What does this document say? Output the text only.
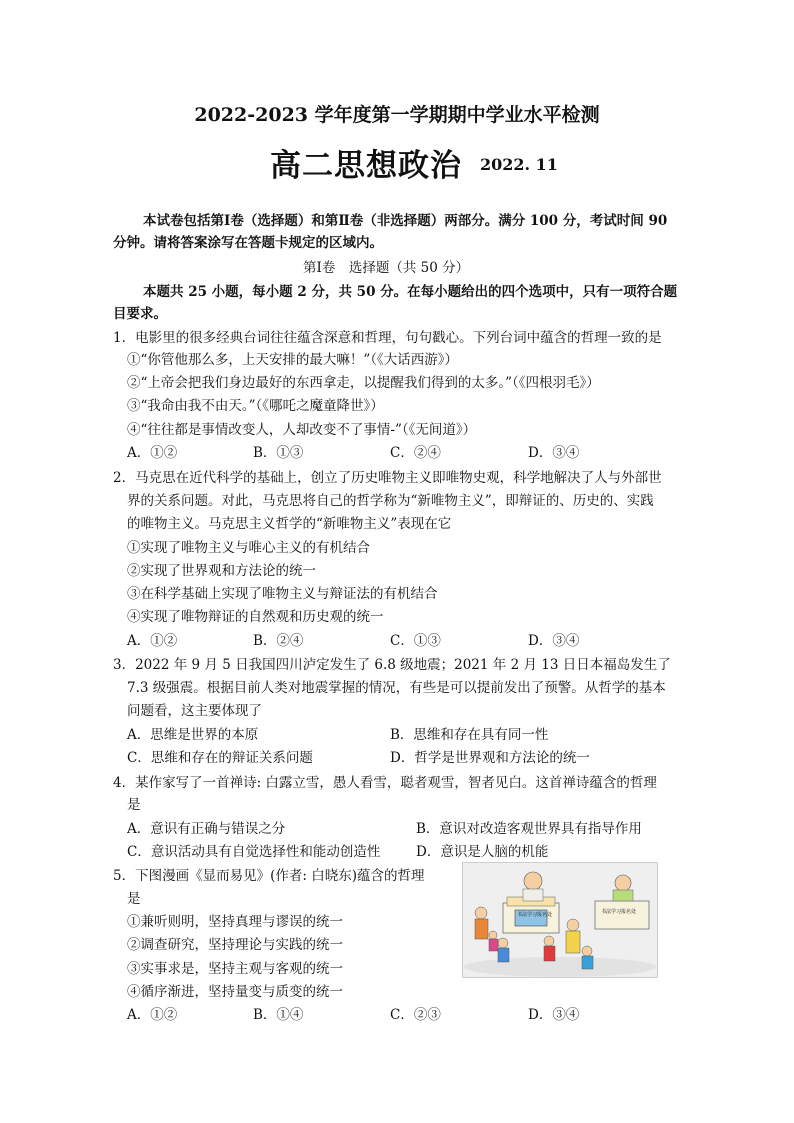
2022-2023 学年度第一学期期中学业水平检测
高二思想政治 2022. 11
本试卷包括第Ⅰ卷（选择题）和第Ⅱ卷（非选择题）两部分。满分 100 分，考试时间 90
分钟。请将答案涂写在答题卡规定的区域内。
第Ⅰ卷　选择题（共 50 分）
本题共 25 小题，每小题 2 分，共 50 分。在每小题给出的四个选项中，只有一项符合题
目要求。
1．电影里的很多经典台词往往蕴含深意和哲理，句句戳心。下列台词中蕴含的哲理一致的是
①“你管他那么多，上天安排的最大嘛！”（《大话西游》）
②“上帝会把我们身边最好的东西拿走，以提醒我们得到的太多。”（《四根羽毛》）
③“我命由我不由天。”（《哪吒之魔童降世》）
④“往往都是事情改变人，人却改变不了事情-”（《无间道》）
A．①②	B．①③	C．②④	D．③④
2．马克思在近代科学的基础上，创立了历史唯物主义即唯物史观，科学地解决了人与外部世
界的关系问题。对此，马克思将自己的哲学称为“新唯物主义”，即辩证的、历史的、实践
的唯物主义。马克思主义哲学的“新唯物主义”表现在它
①实现了唯物主义与唯心主义的有机结合
②实现了世界观和方法论的统一
③在科学基础上实现了唯物主义与辩证法的有机结合
④实现了唯物辩证的自然观和历史观的统一
A．①②	B．②④	C．①③	D．③④
3．2022 年 9 月 5 日我国四川泸定发生了 6.8 级地震；2021 年 2 月 13 日日本福岛发生了
7.3 级强震。根据目前人类对地震掌握的情况，有些是可以提前发出了预警。从哲学的基本
问题看，这主要体现了
A．思维是世界的本原	B．思维和存在具有同一性
C．思维和存在的辩证关系问题	D．哲学是世界观和方法论的统一
4．某作家写了一首禅诗: 白露立雪，愚人看雪，聪者观雪，智者见白。这首禅诗蕴含的哲理
是
A．意识有正确与错误之分	B．意识对改造客观世界具有指导作用
C．意识活动具有自觉选择性和能动创造性	D．意识是人脑的机能
5．下图漫画《显而易见》(作者: 白晓东)蕴含的哲理
是
①兼听则明，坚持真理与谬误的统一
②调查研究，坚持理论与实践的统一
③实事求是，坚持主观与客观的统一
④循序渐进，坚持量变与质变的统一
A．①②	B．①④	C．②③	D．③④
书法学习报名处	书法学习报名处
